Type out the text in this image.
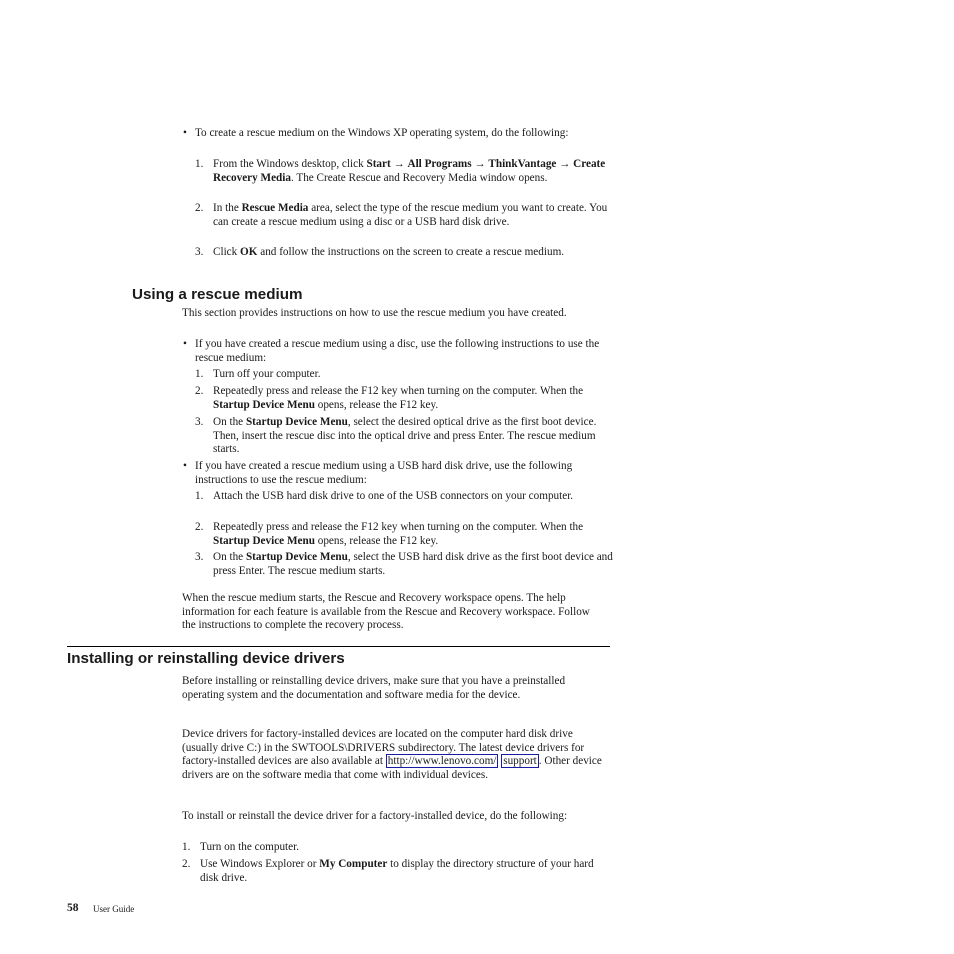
• To create a rescue medium on the Windows XP operating system, do the following:

1. From the Windows desktop, click Start → All Programs → ThinkVantage → Create Recovery Media. The Create Rescue and Recovery Media window opens.

2. In the Rescue Media area, select the type of the rescue medium you want to create. You can create a rescue medium using a disc or a USB hard disk drive.

3. Click OK and follow the instructions on the screen to create a rescue medium.

Using a rescue medium

This section provides instructions on how to use the rescue medium you have created.

• If you have created a rescue medium using a disc, use the following instructions to use the rescue medium:

1. Turn off your computer.

2. Repeatedly press and release the F12 key when turning on the computer. When the Startup Device Menu opens, release the F12 key.

3. On the Startup Device Menu, select the desired optical drive as the first boot device. Then, insert the rescue disc into the optical drive and press Enter. The rescue medium starts.

• If you have created a rescue medium using a USB hard disk drive, use the following instructions to use the rescue medium:

1. Attach the USB hard disk drive to one of the USB connectors on your computer.

2. Repeatedly press and release the F12 key when turning on the computer. When the Startup Device Menu opens, release the F12 key.

3. On the Startup Device Menu, select the USB hard disk drive as the first boot device and press Enter. The rescue medium starts.

When the rescue medium starts, the Rescue and Recovery workspace opens. The help information for each feature is available from the Rescue and Recovery workspace. Follow the instructions to complete the recovery process.

Installing or reinstalling device drivers

Before installing or reinstalling device drivers, make sure that you have a preinstalled operating system and the documentation and software media for the device.

Device drivers for factory-installed devices are located on the computer hard disk drive (usually drive C:) in the SWTOOLS\DRIVERS subdirectory. The latest device drivers for factory-installed devices are also available at http://www.lenovo.com/ support . Other device drivers are on the software media that come with individual devices.

To install or reinstall the device driver for a factory-installed device, do the following:

1. Turn on the computer.

2. Use Windows Explorer or My Computer to display the directory structure of your hard disk drive.

58 User Guide
